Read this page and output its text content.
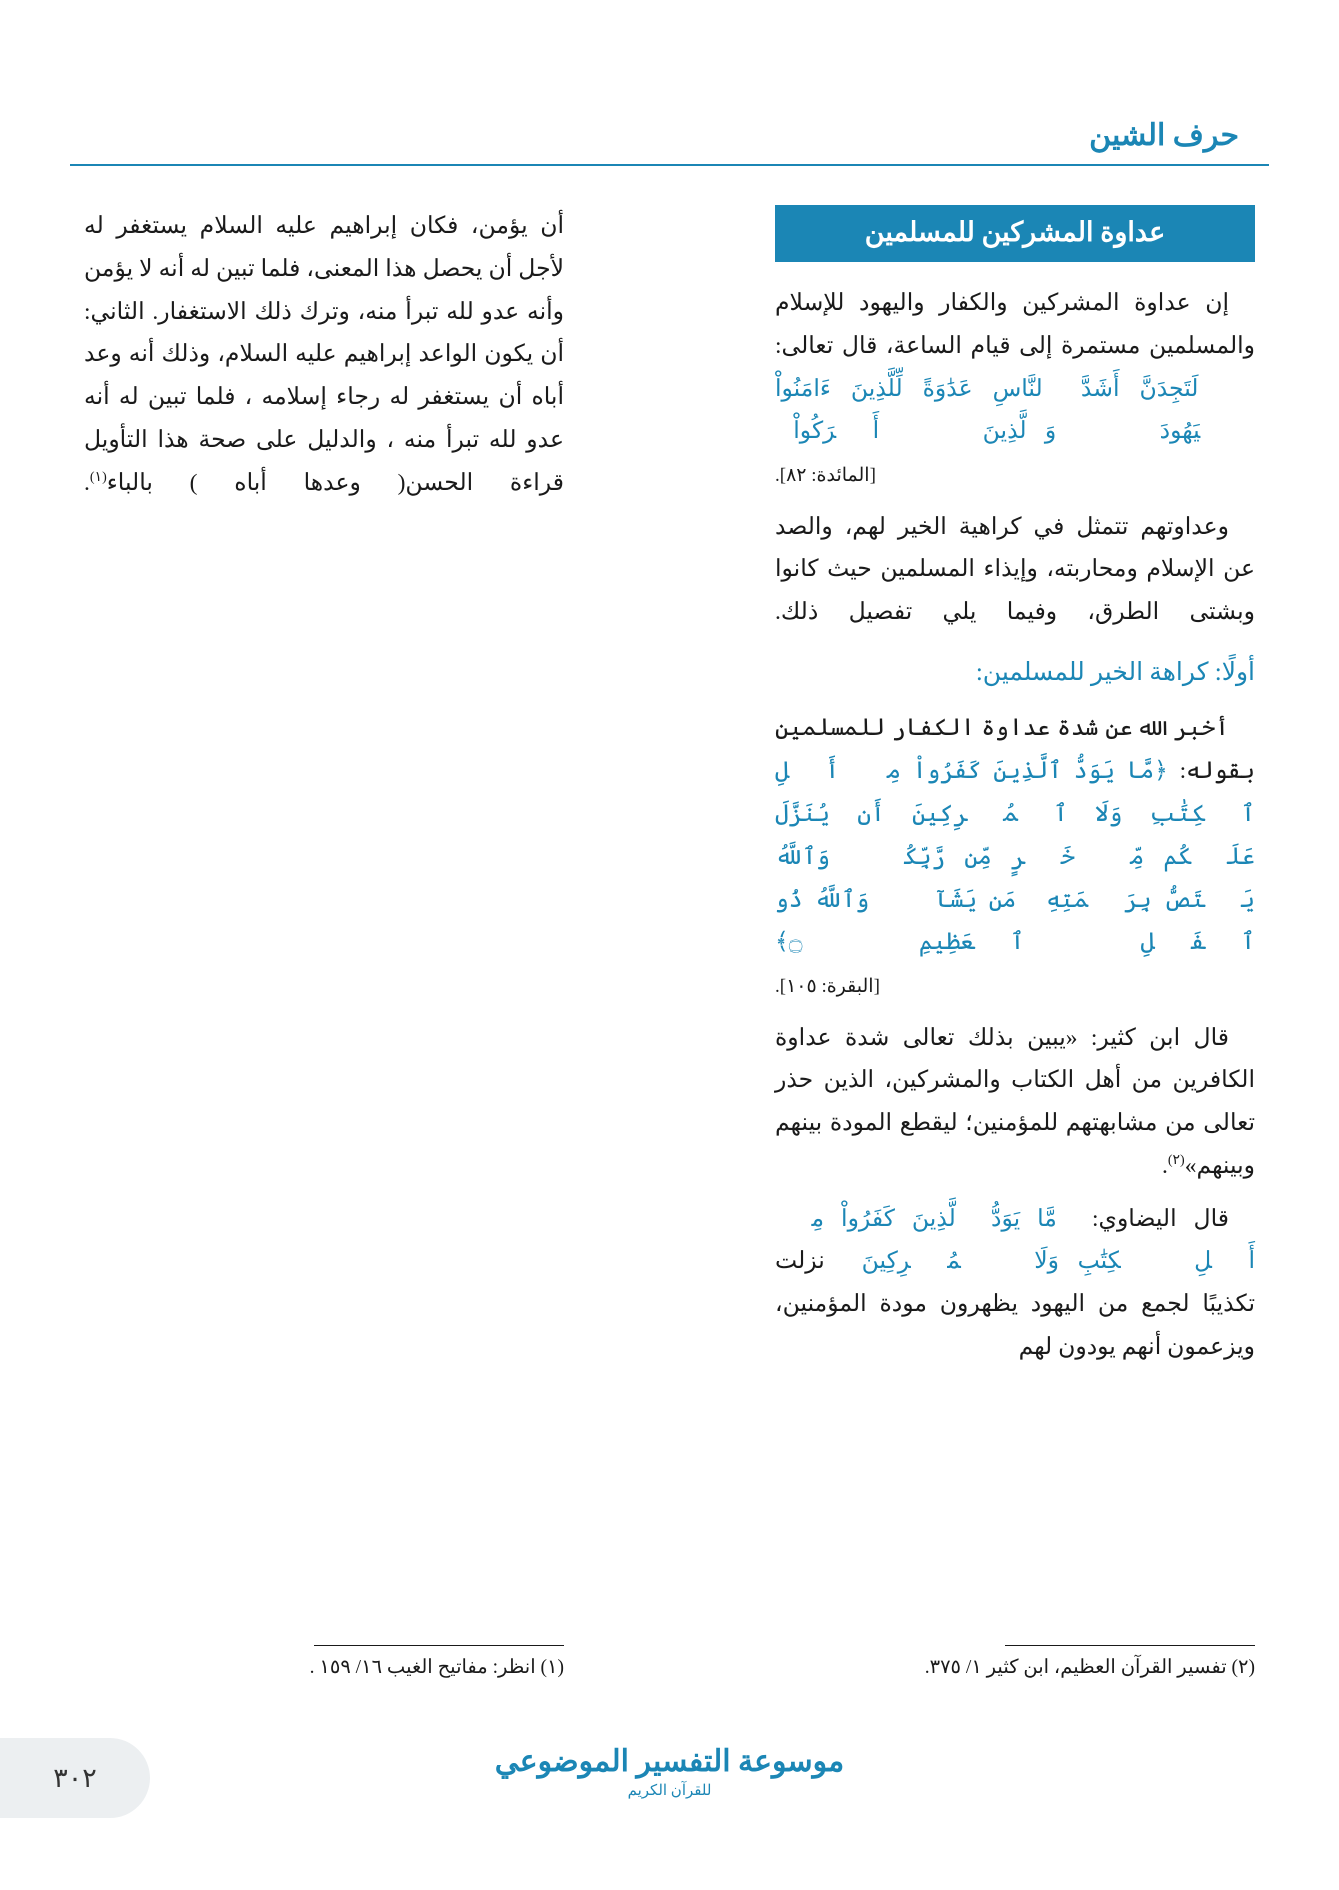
حرف الشين

أن يؤمن، فكان إبراهيم عليه السلام يستغفر له لأجل أن يحصل هذا المعنى، فلما تبين له أنه لا يؤمن وأنه عدو لله تبرأ منه، وترك ذلك الاستغفار. الثاني: أن يكون الواعد إبراهيم عليه السلام، وذلك أنه وعد أباه أن يستغفر له رجاء إسلامه ، فلما تبين له أنه عدو لله تبرأ منه ، والدليل على صحة هذا التأويل قراءة الحسن( وعدها أباه ) بالباء$^{(١)}$.

عداوة المشركين للمسلمين

إن عداوة المشركين والكفار واليهود للإسلام والمسلمين مستمرة إلى قيام الساعة، قال تعالى: ﴿۞ لَتَجِدَنَّ أَشَدَّ ٱلنَّاسِ عَدَٰوَةً لِّلَّذِينَ ءَامَنُواْ ٱلۡيَهُودَ وَٱلَّذِينَ أَشۡرَكُواْ﴾

[المائدة: ٨٢].

وعداوتهم تتمثل في كراهية الخير لهم، والصد عن الإسلام ومحاربته، وإيذاء المسلمين حيث كانوا وبشتى الطرق، وفيما يلي تفصيل ذلك.

أولًا: كراهة الخير للمسلمين:

أخبر الله عن شدة عداوة الكفار للمسلمين بقوله: ﴿مَّا يَوَدُّ ٱلَّذِينَ كَفَرُواْ مِنۡ أَهۡلِ ٱلۡكِتَٰبِ وَلَا ٱلۡمُشۡرِكِينَ أَن يُنَزَّلَ عَلَيۡكُم مِّنۡ خَيۡرٍ مِّن رَّبِّكُمۡۚ وَٱللَّهُ يَخۡتَصُّ بِرَحۡمَتِهِۦ مَن يَشَآءُۚ وَٱللَّهُ ذُو ٱلۡفَضۡلِ ٱلۡعَظِيمِ ۝﴾

[البقرة: ١٠٥].

قال ابن كثير: «يبين بذلك تعالى شدة عداوة الكافرين من أهل الكتاب والمشركين، الذين حذر تعالى من مشابهتهم للمؤمنين؛ ليقطع المودة بينهم وبينهم»$^{(٢)}$.

قال اليضاوي: ﴿مَّا يَوَدُّ ٱلَّذِينَ كَفَرُواْ مِنۡ أَهۡلِ ٱلۡكِتَٰبِ وَلَا ٱلۡمُشۡرِكِينَ﴾ نزلت تكذيبًا لجمع من اليهود يظهرون مودة المؤمنين، ويزعمون أنهم يودون لهم

(١) انظر: مفاتيح الغيب ١٦/ ١٥٩ .	(٢) تفسير القرآن العظيم، ابن كثير ١/ ٣٧٥.
موسوعة التفسير الموضوعي
للقرآن الكريم
٣٠٢
